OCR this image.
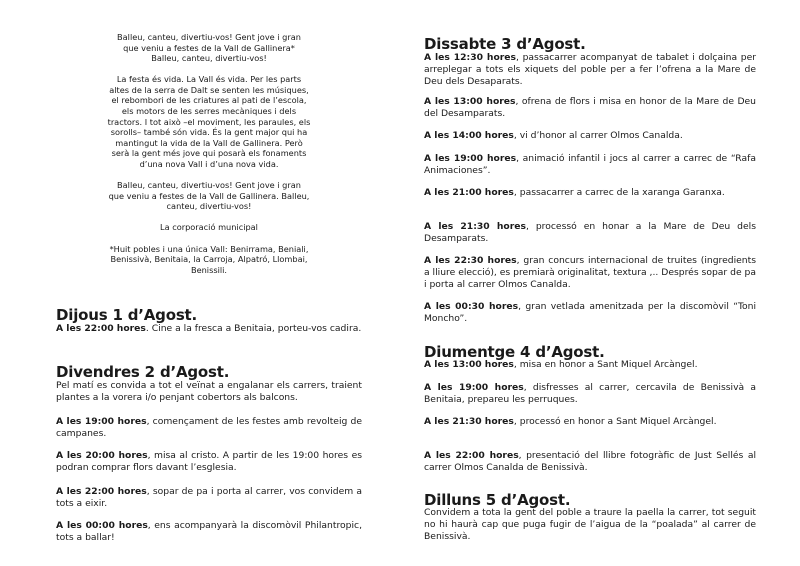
Balleu, canteu, divertiu-vos! Gent jove i gran
que veniu a festes de la Vall de Gallinera*
Balleu, canteu, divertiu-vos!

La festa és vida. La Vall és vida. Per les parts
altes de la serra de Dalt se senten les músiques,
el rebombori de les criatures al pati de l’escola,
els motors de les serres mecàniques i dels
tractors. I tot això –el moviment, les paraules, els
sorolls– també són vida. És la gent major qui ha
mantingut la vida de la Vall de Gallinera. Però
serà la gent més jove qui posarà els fonaments
d’una nova Vall i d’una nova vida.

Balleu, canteu, divertiu-vos! Gent jove i gran
que veniu a festes de la Vall de Gallinera. Balleu,
canteu, divertiu-vos!

La corporació municipal

*Huit pobles i una única Vall: Benirrama, Beniali,
Benissivà, Benitaia, la Carroja, Alpatró, Llombai,
Benissili.

Dijous 1 d’Agost.

A les 22:00 hores. Cine a la fresca a Benitaia, porteu-vos cadira.

Divendres 2 d’Agost.

Pel matí es convida a tot el veïnat a engalanar els carrers, traient plantes a la vorera i/o penjant cobertors als balcons.

A les 19:00 hores, començament de les festes amb revolteig de campanes.

A les 20:00 hores, misa al cristo. A partir de les 19:00 hores es podran comprar flors davant l’esglesia.

A les 22:00 hores, sopar de pa i porta al carrer, vos convidem a tots a eixir.

A les 00:00 hores, ens acompanyarà la discomòvil Philantropic, tots a ballar!

Dissabte 3 d’Agost.

A les 12:30 hores, passacarrer acompanyat de tabalet i dolçaina per arreplegar a tots els xiquets del poble per a fer l’ofrena a la Mare de Deu dels Desaparats.

A les 13:00 hores, ofrena de flors i misa en honor de la Mare de Deu del Desamparats.

A les 14:00 hores, vi d’honor al carrer Olmos Canalda.

A les 19:00 hores, animació infantil i jocs al carrer a carrec de “Rafa Animaciones”.

A les 21:00 hores, passacarrer a carrec de la xaranga Garanxa.

A les 21:30 hores, processó en honar a la Mare de Deu dels Desamparats.

A les 22:30 hores, gran concurs internacional de truites (ingredients a lliure elecció), es premiarà originalitat, textura ,.. Després sopar de pa i porta al carrer Olmos Canalda.

A les 00:30 hores, gran vetlada amenitzada per la discomòvil “Toni Moncho”.

Diumentge 4 d’Agost.

A les 13:00 hores, misa en honor a Sant Miquel Arcàngel.

A les 19:00 hores, disfresses al carrer, cercavila de Benissivà a Benitaia, prepareu les perruques.

A les 21:30 hores, processó en honor a Sant Miquel Arcàngel.

A les 22:00 hores, presentació del llibre fotogràfic de Just Sellés al carrer Olmos Canalda de Benissivà.

Dilluns 5 d’Agost.

Convidem a tota la gent del poble a traure la paella la carrer, tot seguit no hi haurà cap que puga fugir de l’aigua de la “poalada” al carrer de Benissivà.
